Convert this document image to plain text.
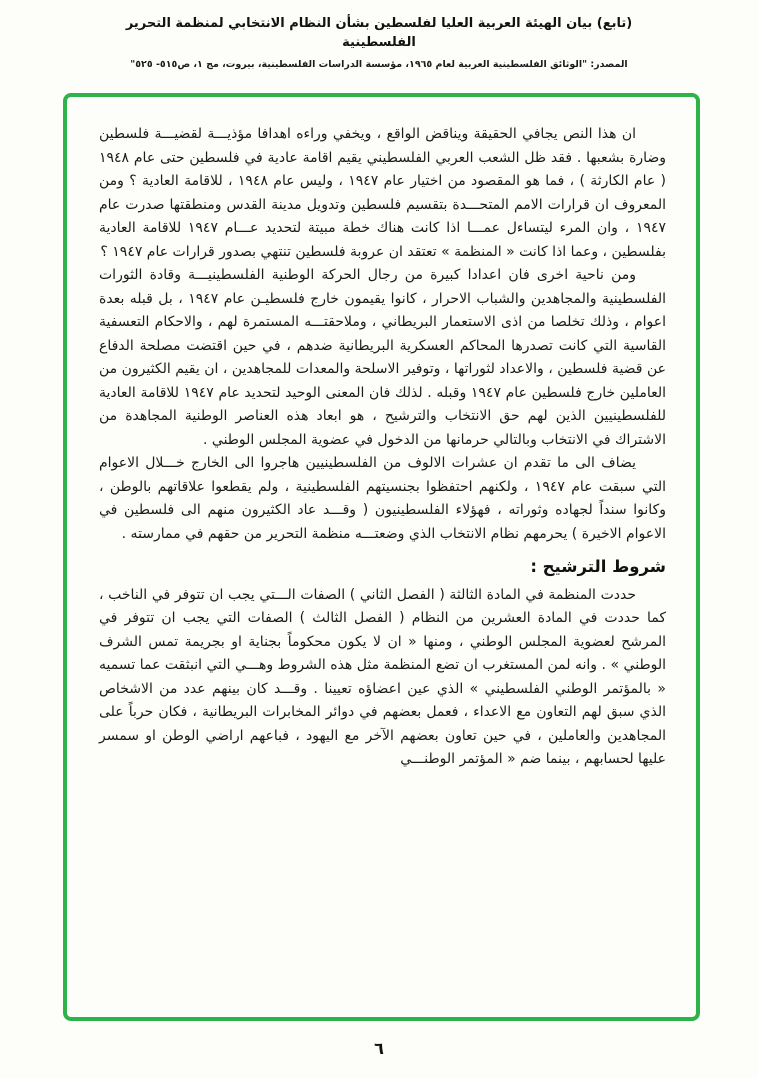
(تابع) بيان الهيئة العربية العليا لفلسطين بشأن النظام الانتخابي لمنظمة التحرير الفلسطينية
المصدر: "الوثائق الفلسطينية العربية لعام ١٩٦٥، مؤسسة الدراسات الفلسطينية، بيروت، مج ١، ص٥١٥- ٥٢٥"

ان هذا النص يجافي الحقيقة ويناقض الواقع ، ويخفي وراءه اهدافا مؤذيـــة لقضيـــة فلسطين وضارة بشعبها . فقد ظل الشعب العربي الفلسطيني يقيم اقامة عادية في فلسطين حتى عام ١٩٤٨ ( عام الكارثة ) ، فما هو المقصود من اختيار عام ١٩٤٧ ، وليس عام ١٩٤٨ ، للاقامة العادية ؟ ومن المعروف ان قرارات الامم المتحـــدة بتقسيم فلسطين وتدويل مدينة القدس ومنطقتها صدرت عام ١٩٤٧ ، وان المرء ليتساءل عمـــا اذا كانت هناك خطة مبيتة لتحديد عـــام ١٩٤٧ للاقامة العادية بفلسطين ، وعما اذا كانت « المنظمة » تعتقد ان عروبة فلسطين تنتهي بصدور قرارات عام ١٩٤٧ ؟

ومن ناحية اخرى فان اعدادا كبيرة من رجال الحركة الوطنية الفلسطينيـــة وقادة الثورات الفلسطينية والمجاهدين والشباب الاحرار ، كانوا يقيمون خارج فلسطيـن عام ١٩٤٧ ، بل قبله بعدة اعوام ، وذلك تخلصا من اذى الاستعمار البريطاني ، وملاحقتـــه المستمرة لهم ، والاحكام التعسفية القاسية التي كانت تصدرها المحاكم العسكرية البريطانية ضدهم ، في حين اقتضت مصلحة الدفاع عن قضية فلسطين ، والاعداد لثوراتها ، وتوفير الاسلحة والمعدات للمجاهدين ، ان يقيم الكثيرون من العاملين خارج فلسطين عام ١٩٤٧ وقبله . لذلك فان المعنى الوحيد لتحديد عام ١٩٤٧ للاقامة العادية للفلسطينيين الذين لهم حق الانتخاب والترشيح ، هو ابعاد هذه العناصر الوطنية المجاهدة من الاشتراك في الانتخاب وبالتالي حرمانها من الدخول في عضوية المجلس الوطني .

يضاف الى ما تقدم ان عشرات الالوف من الفلسطينيين هاجروا الى الخارج خـــلال الاعوام التي سبقت عام ١٩٤٧ ، ولكنهم احتفظوا بجنسيتهم الفلسطينية ، ولم يقطعوا علاقاتهم بالوطن ، وكانوا سنداً لجهاده وثوراته ، فهؤلاء الفلسطينيون ( وقـــد عاد الكثيرون منهم الى فلسطين في الاعوام الاخيرة ) يحرمهم نظام الانتخاب الذي وضعتـــه منظمة التحرير من حقهم في ممارسته .

شروط الترشيح :

حددت المنظمة في المادة الثالثة ( الفصل الثاني ) الصفات الـــتي يجب ان تتوفر في الناخب ، كما حددت في المادة العشرين من النظام ( الفصل الثالث ) الصفات التي يجب ان تتوفر في المرشح لعضوية المجلس الوطني ، ومنها « ان لا يكون محكوماً بجناية او بجريمة تمس الشرف الوطني » . وانه لمن المستغرب ان تضع المنظمة مثل هذه الشروط وهـــي التي انبثقت عما تسميه « بالمؤتمر الوطني الفلسطيني » الذي عين اعضاؤه تعيينا . وقـــد كان بينهم عدد من الاشخاص الذي سبق لهم التعاون مع الاعداء ، فعمل بعضهم في دوائر المخابرات البريطانية ، فكان حرباً على المجاهدين والعاملين ، في حين تعاون بعضهم الآخر مع اليهود ، فباعهم اراضي الوطن او سمسر عليها لحسابهم ، بينما ضم « المؤتمر الوطنـــي

٦
